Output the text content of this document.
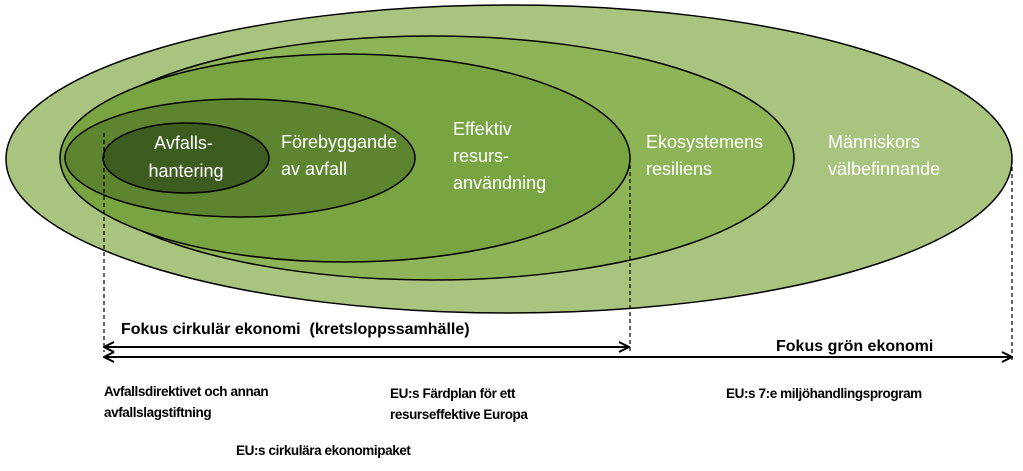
Avfalls- hantering
Förebyggande av avfall
Effektiv resurs- användning
Ekosystemens resiliens
Människors välbefinnande
Fokus cirkulär ekonomi  (kretsloppssamhälle)
Fokus grön ekonomi
Avfallsdirektivet och annan avfallslagstiftning
EU:s Färdplan för ett resurseffektive Europa
EU:s 7:e miljöhandlingsprogram
EU:s cirkulära ekonomipaket
